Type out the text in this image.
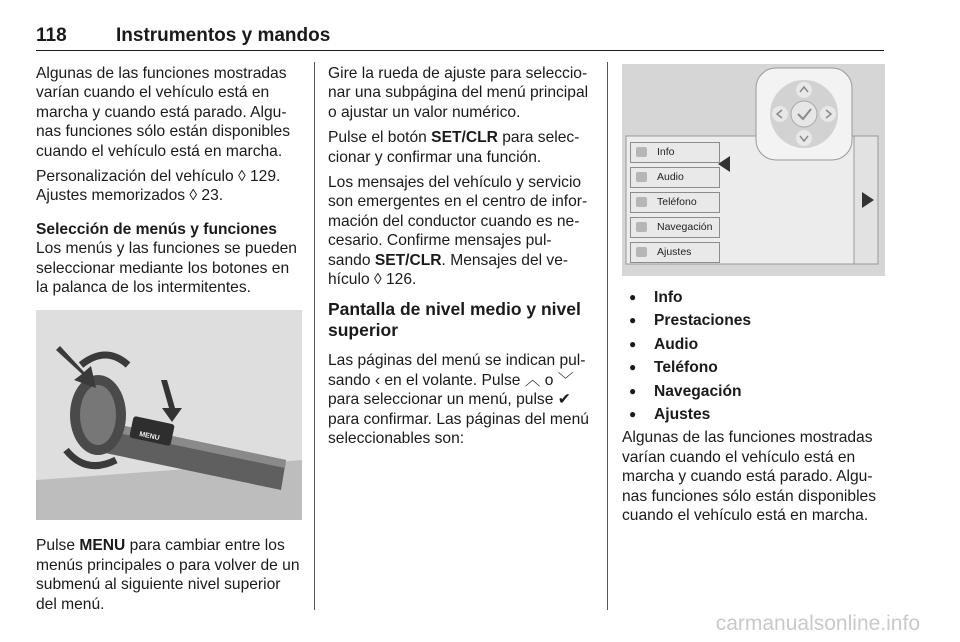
118	Instrumentos y mandos

Algunas de las funciones mostradas varían cuando el vehículo está en marcha y cuando está parado. Algu-nas funciones sólo están disponibles cuando el vehículo está en marcha.

Personalización del vehículo ◊ 129.
Ajustes memorizados ◊ 23.

Selección de menús y funciones

Los menús y las funciones se pueden seleccionar mediante los botones en la palanca de los intermitentes.

MENU

Pulse MENU para cambiar entre los menús principales o para volver de un submenú al siguiente nivel superior del menú.

Gire la rueda de ajuste para seleccio-nar una subpágina del menú principal o ajustar un valor numérico.

Pulse el botón SET/CLR para selec-cionar y confirmar una función.

Los mensajes del vehículo y servicio son emergentes en el centro de infor-mación del conductor cuando es ne-cesario. Confirme mensajes pul-sando SET/CLR. Mensajes del ve-hículo ◊ 126.

Pantalla de nivel medio y nivel superior

Las páginas del menú se indican pul-sando ‹ en el volante. Pulse ︿ o ﹀ para seleccionar un menú, pulse ✔ para confirmar. Las páginas del menú seleccionables son:

Info
Audio
Teléfono
Navegación
Ajustes
● Info
● Prestaciones
● Audio
● Teléfono
● Navegación
● Ajustes

Algunas de las funciones mostradas varían cuando el vehículo está en marcha y cuando está parado. Algu-nas funciones sólo están disponibles cuando el vehículo está en marcha.

carmanualsonline.info
